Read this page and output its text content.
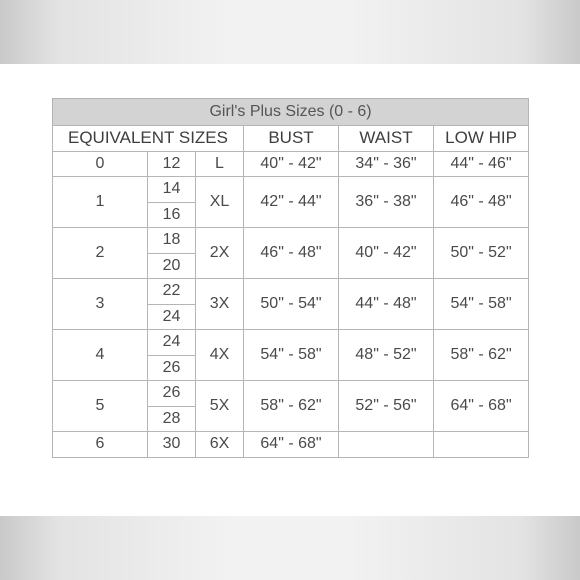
Girl's Plus Sizes (0 - 6)					
EQUIVALENT SIZES			BUST	WAIST	LOW HIP
0	12	L	40" - 42"	34" - 36"	44" - 46"
1	14	XL	42" - 44"	36" - 38"	46" - 48"
	16				
2	18	2X	46" - 48"	40" - 42"	50" - 52"
	20				
3	22	3X	50" - 54"	44" - 48"	54" - 58"
	24				
4	24	4X	54" - 58"	48" - 52"	58" - 62"
	26				
5	26	5X	58" - 62"	52" - 56"	64" - 68"
	28				
6	30	6X	64" - 68"		
